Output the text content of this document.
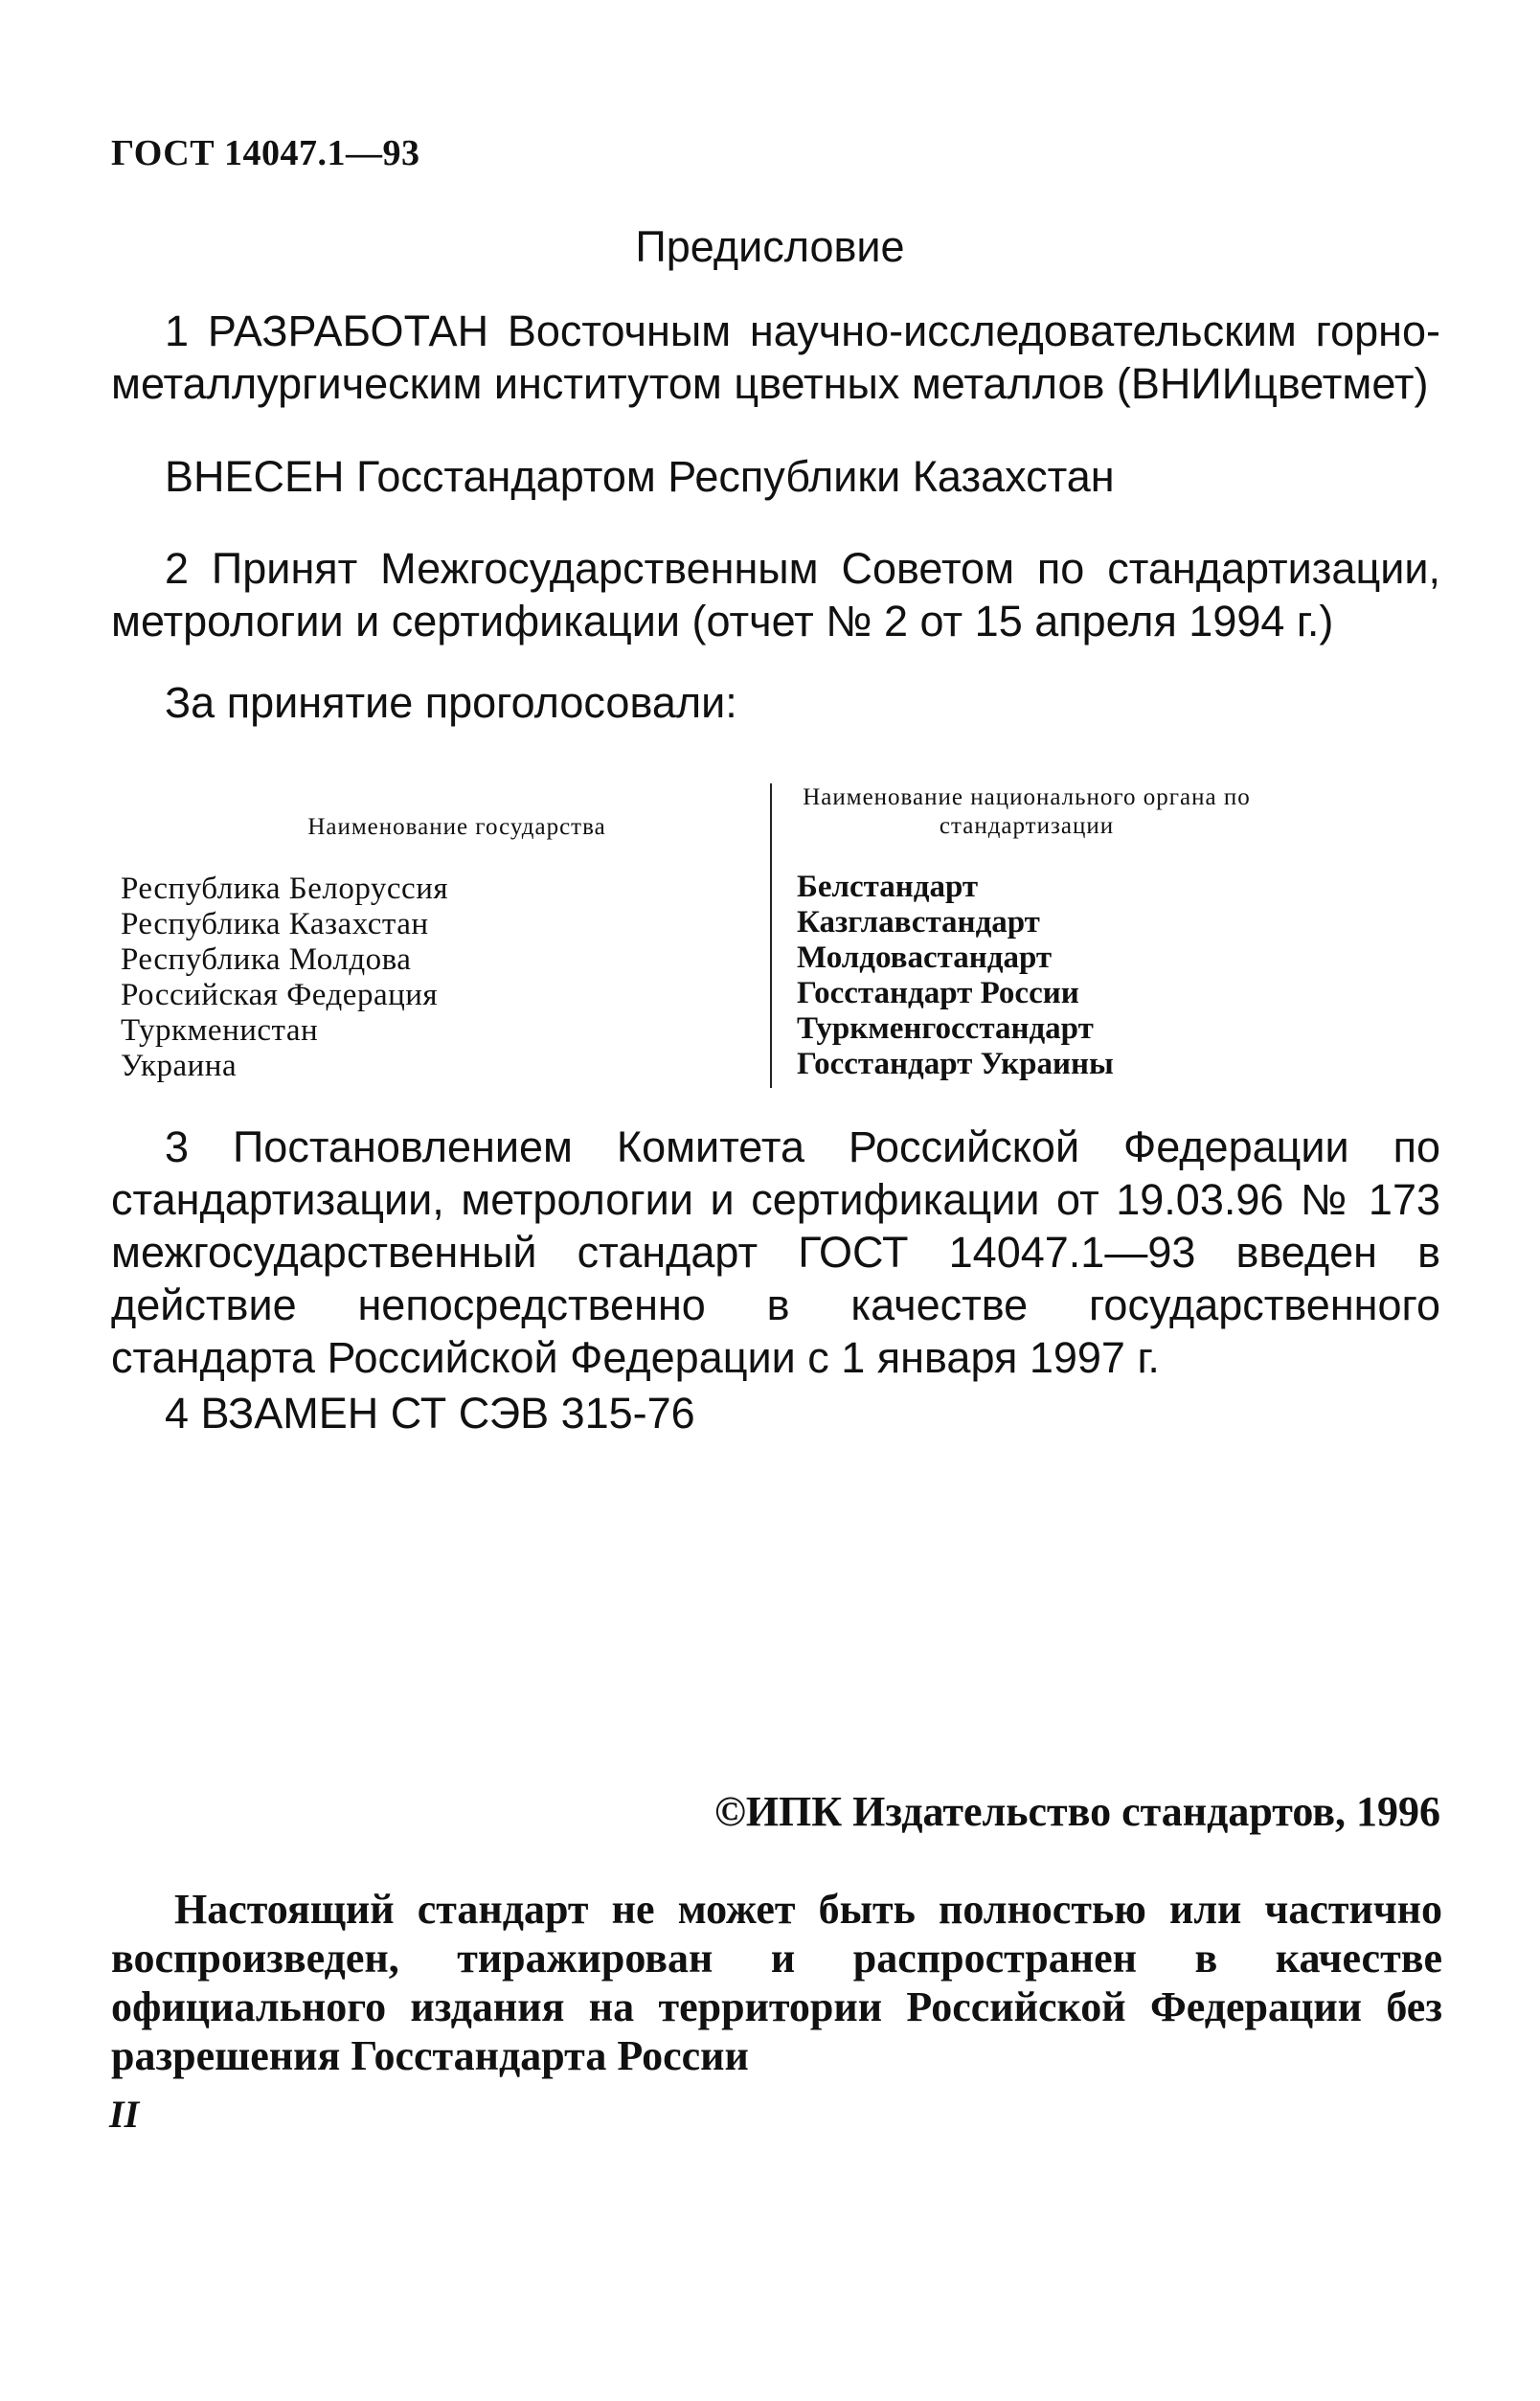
ГОСТ 14047.1—93
Предисловие
1 РАЗРАБОТАН Восточным научно-исследовательским горно-металлургическим институтом цветных металлов (ВНИИцветмет)
ВНЕСЕН Госстандартом Республики Казахстан
2 Принят Межгосударственным Советом по стандартизации, метрологии и сертификации (отчет № 2 от 15 апреля 1994 г.)
За принятие проголосовали:
Наименование государства
Республика Белоруссия
Республика Казахстан
Республика Молдова
Российская Федерация
Туркменистан
Украина
Наименование национального органа по стандартизации
Белстандарт
Казглавстандарт
Молдовастандарт
Госстандарт России
Туркменгосстандарт
Госстандарт Украины
3 Постановлением Комитета Российской Федерации по стандартизации, метрологии и сертификации от 19.03.96 № 173 межгосударственный стандарт ГОСТ 14047.1—93 введен в действие непосредственно в качестве государственного стандарта Российской Федерации с 1 января 1997 г.
4 ВЗАМЕН СТ СЭВ 315-76
©ИПК Издательство стандартов, 1996
Настоящий стандарт не может быть полностью или частично воспроизведен, тиражирован и распространен в качестве официального издания на территории Российской Федерации без разрешения Госстандарта России
II
